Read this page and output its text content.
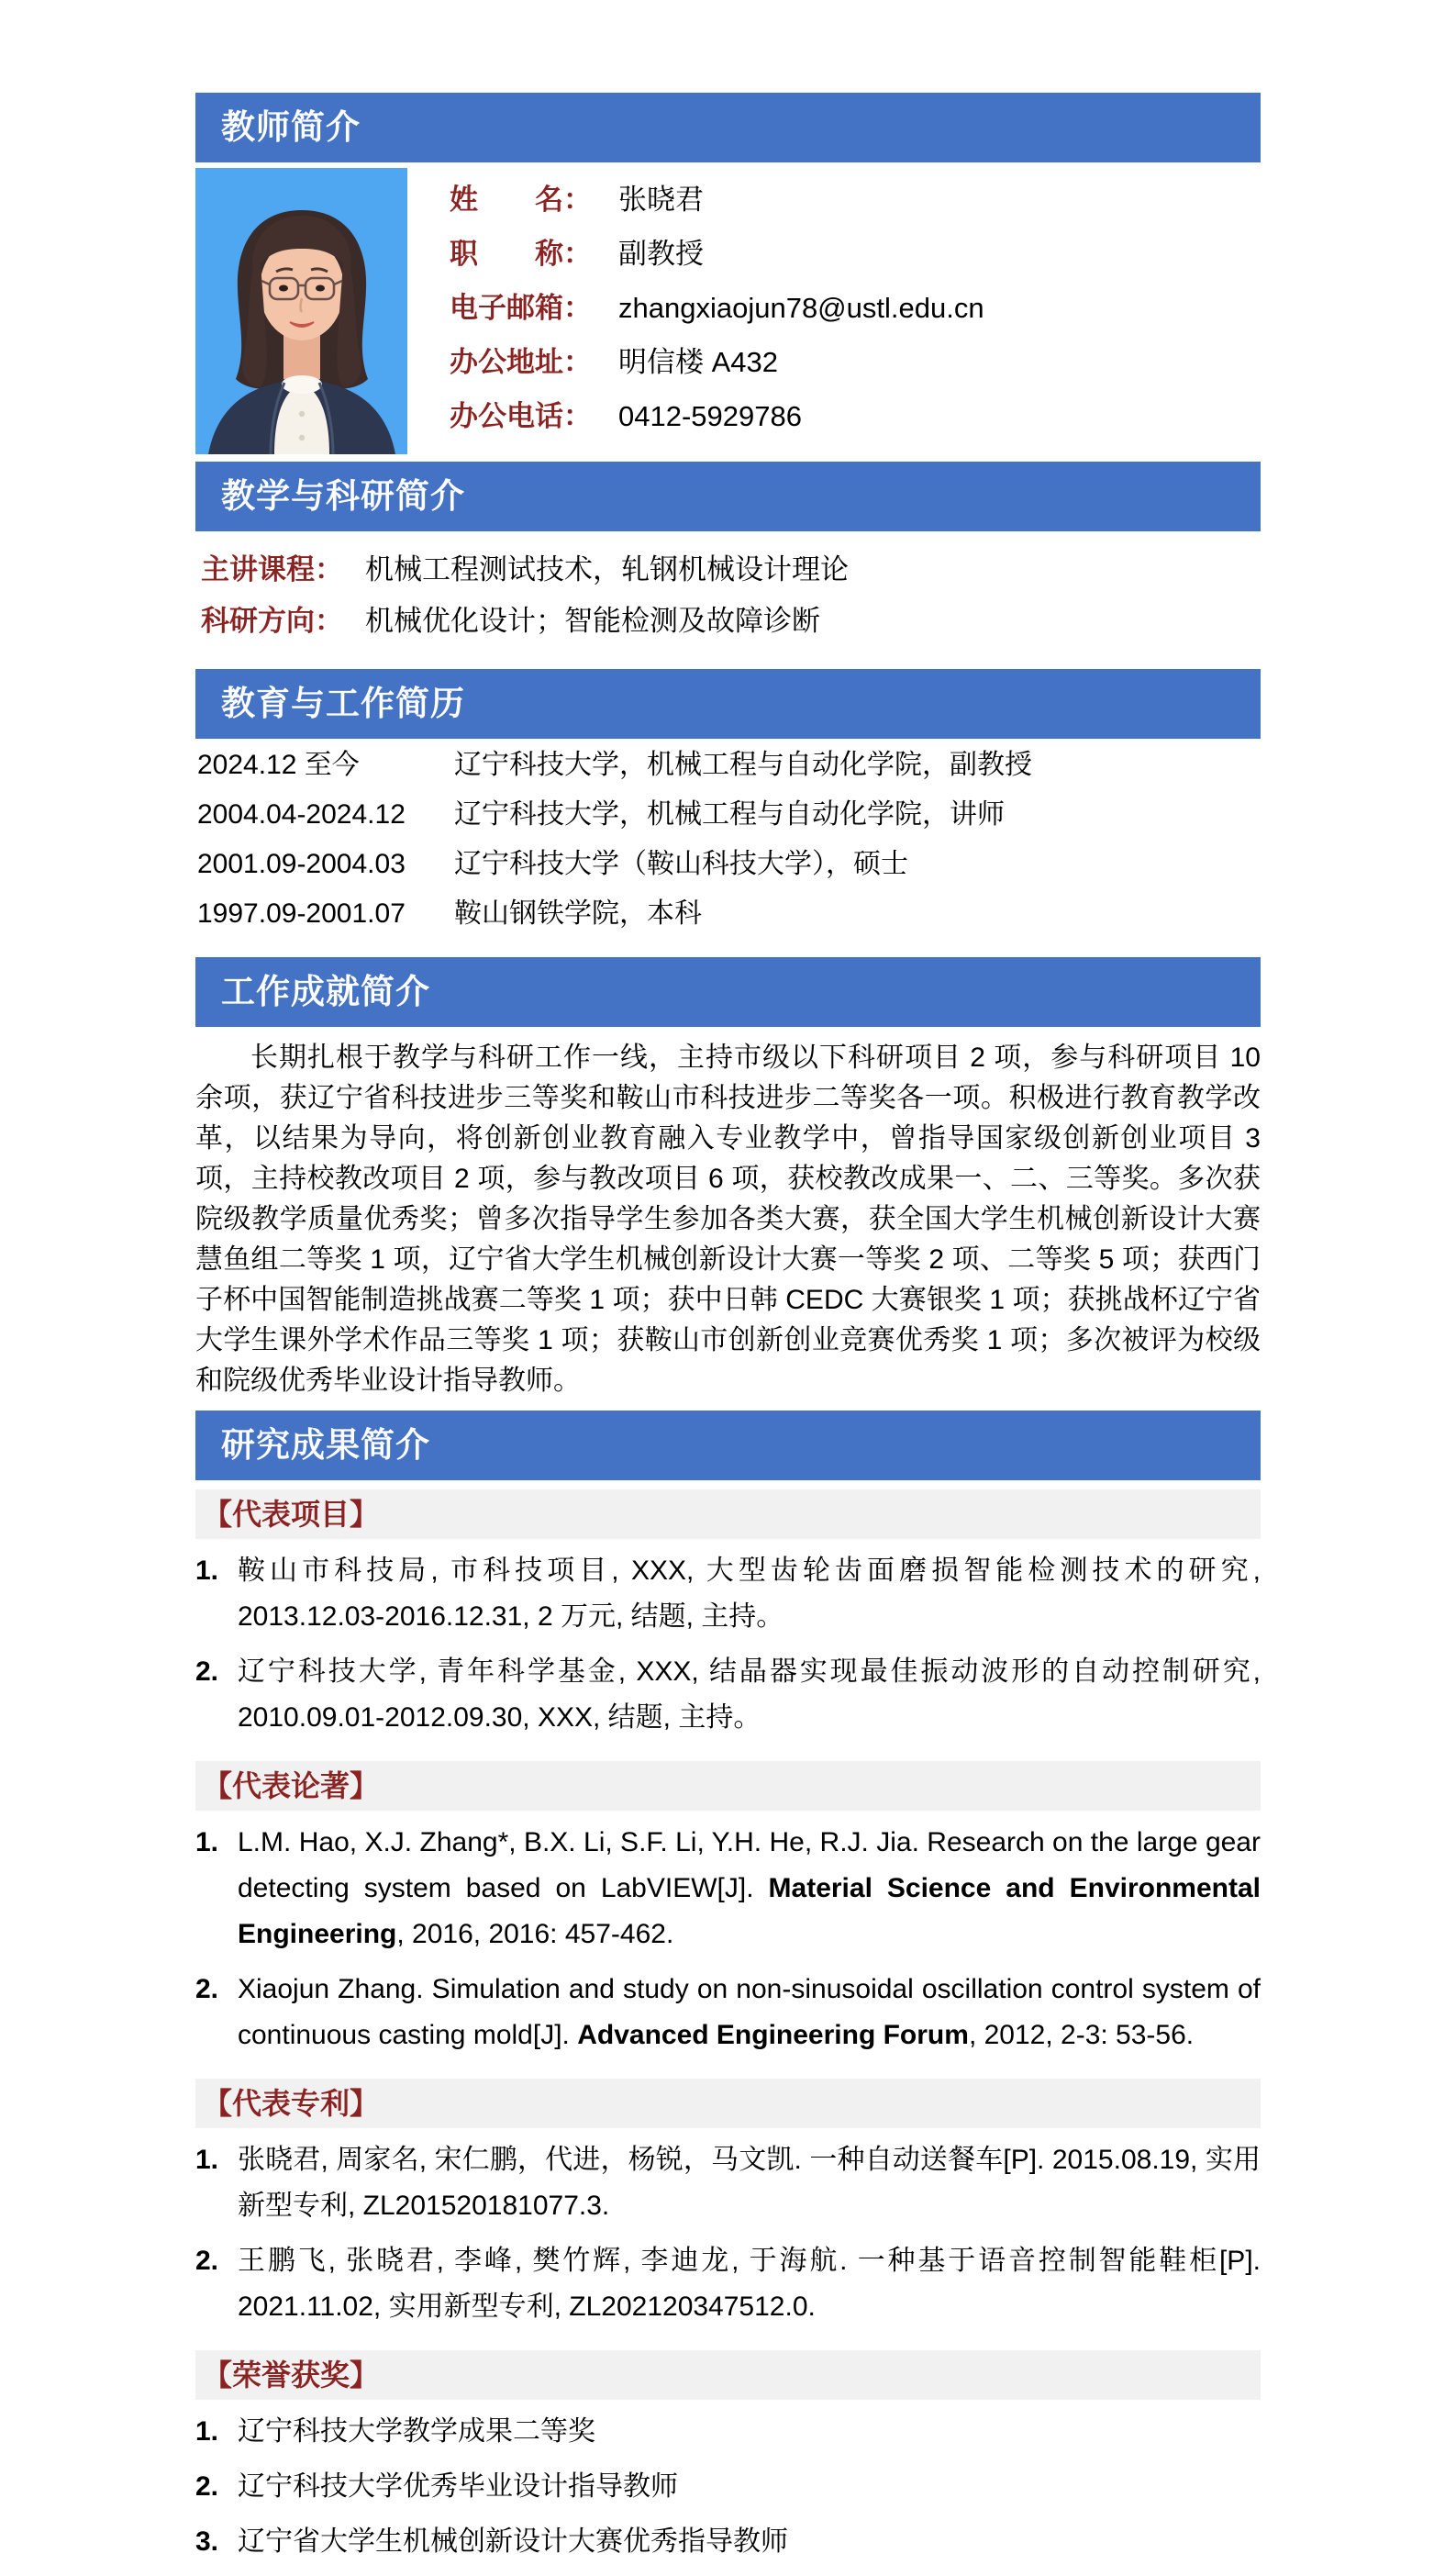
教师简介
姓　　名： 张晓君
职　　称： 副教授
电子邮箱： zhangxiaojun78@ustl.edu.cn
办公地址： 明信楼 A432
办公电话： 0412-5929786
教学与科研简介
主讲课程： 机械工程测试技术，轧钢机械设计理论
科研方向： 机械优化设计；智能检测及故障诊断
教育与工作简历
2024.12 至今	辽宁科技大学，机械工程与自动化学院，副教授
2004.04-2024.12	辽宁科技大学，机械工程与自动化学院，讲师
2001.09-2004.03	辽宁科技大学（鞍山科技大学），硕士
1997.09-2001.07	鞍山钢铁学院，本科
工作成就简介

长期扎根于教学与科研工作一线，主持市级以下科研项目 2 项，参与科研项目 10 余项，获辽宁省科技进步三等奖和鞍山市科技进步二等奖各一项。积极进行教育教学改革，以结果为导向，将创新创业教育融入专业教学中，曾指导国家级创新创业项目 3 项，主持校教改项目 2 项，参与教改项目 6 项，获校教改成果一、二、三等奖。多次获院级教学质量优秀奖；曾多次指导学生参加各类大赛，获全国大学生机械创新设计大赛慧鱼组二等奖 1 项，辽宁省大学生机械创新设计大赛一等奖 2 项、二等奖 5 项；获西门子杯中国智能制造挑战赛二等奖 1 项；获中日韩 CEDC 大赛银奖 1 项；获挑战杯辽宁省大学生课外学术作品三等奖 1 项；获鞍山市创新创业竞赛优秀奖 1 项；多次被评为校级和院级优秀毕业设计指导教师。

研究成果简介
【代表项目】
1. 鞍山市科技局, 市科技项目, XXX, 大型齿轮齿面磨损智能检测技术的研究, 2013.12.03-2016.12.31, 2 万元, 结题, 主持。
2. 辽宁科技大学, 青年科学基金, XXX, 结晶器实现最佳振动波形的自动控制研究, 2010.09.01-2012.09.30, XXX, 结题, 主持。
【代表论著】
1. L.M. Hao, X.J. Zhang*, B.X. Li, S.F. Li, Y.H. He, R.J. Jia. Research on the large gear detecting system based on LabVIEW[J]. Material Science and Environmental Engineering, 2016, 2016: 457-462.
2. Xiaojun Zhang. Simulation and study on non-sinusoidal oscillation control system of continuous casting mold[J]. Advanced Engineering Forum, 2012, 2-3: 53-56.
【代表专利】
1. 张晓君, 周家名, 宋仁鹏，代进，杨锐，马文凯. 一种自动送餐车[P]. 2015.08.19, 实用新型专利, ZL201520181077.3.
2. 王鹏飞, 张晓君, 李峰, 樊竹辉, 李迪龙, 于海航. 一种基于语音控制智能鞋柜[P]. 2021.11.02, 实用新型专利, ZL202120347512.0.
【荣誉获奖】
1. 辽宁科技大学教学成果二等奖
2. 辽宁科技大学优秀毕业设计指导教师
3. 辽宁省大学生机械创新设计大赛优秀指导教师
